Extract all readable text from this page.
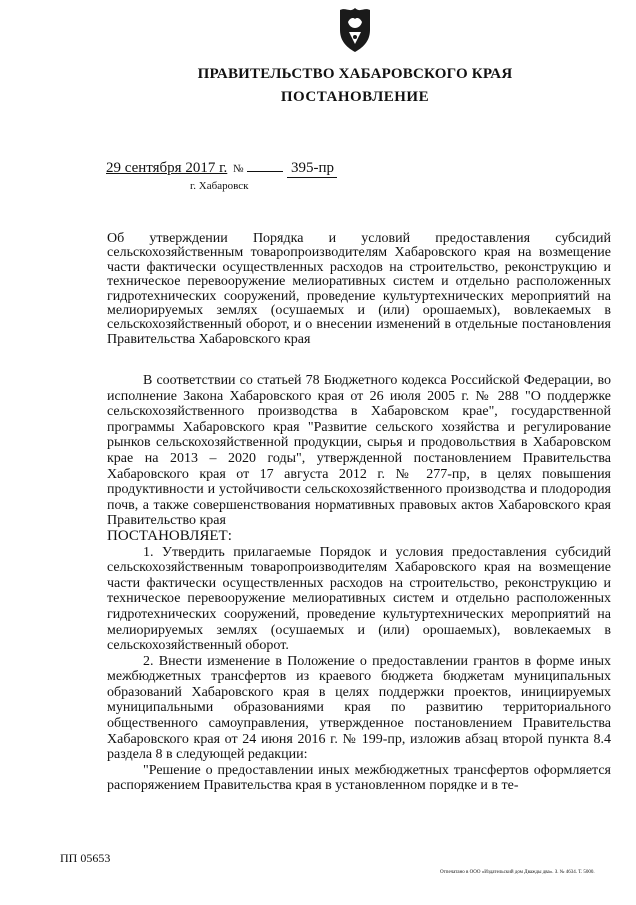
ПРАВИТЕЛЬСТВО ХАБАРОВСКОГО КРАЯ
ПОСТАНОВЛЕНИЕ
29 сентября 2017 г. №	395-пр
г. Хабаровск
Об утверждении Порядка и условий предоставления субсидий сельскохозяйственным товаропроизводителям Хабаровского края на возмещение части фактически осуществленных расходов на строительство, реконструкцию и техническое перевооружение мелиоративных систем и отдельно расположенных гидротехнических сооружений, проведение культуртехнических мероприятий на мелиорируемых землях (осушаемых и (или) орошаемых), вовлекаемых в сельскохозяйственный оборот, и о внесении изменений в отдельные постановления Правительства Хабаровского края

В соответствии со статьей 78 Бюджетного кодекса Российской Федерации, во исполнение Закона Хабаровского края от 26 июля 2005 г. № 288 "О поддержке сельскохозяйственного производства в Хабаровском крае", государственной программы Хабаровского края "Развитие сельского хозяйства и регулирование рынков сельскохозяйственной продукции, сырья и продовольствия в Хабаровском крае на 2013 – 2020 годы", утвержденной постановлением Правительства Хабаровского края от 17 августа 2012 г. № 277-пр, в целях повышения продуктивности и устойчивости сельскохозяйственного производства и плодородия почв, а также совершенствования нормативных правовых актов Хабаровского края Правительство края

ПОСТАНОВЛЯЕТ:

1. Утвердить прилагаемые Порядок и условия предоставления субсидий сельскохозяйственным товаропроизводителям Хабаровского края на возмещение части фактически осуществленных расходов на строительство, реконструкцию и техническое перевооружение мелиоративных систем и отдельно расположенных гидротехнических сооружений, проведение культуртехнических мероприятий на мелиорируемых землях (осушаемых и (или) орошаемых), вовлекаемых в сельскохозяйственный оборот.

2. Внести изменение в Положение о предоставлении грантов в форме иных межбюджетных трансфертов из краевого бюджета бюджетам муниципальных образований Хабаровского края в целях поддержки проектов, инициируемых муниципальными образованиями края по развитию территориального общественного самоуправления, утвержденное постановлением Правительства Хабаровского края от 24 июня 2016 г. № 199-пр, изложив абзац второй пункта 8.4 раздела 8 в следующей редакции:

"Решение о предоставлении иных межбюджетных трансфертов оформляется распоряжением Правительства края в установленном порядке и в те-

ПП 05653
Отпечатано в ООО «Издательский дом Дважды два». З. № 4634. Т. 5000.
